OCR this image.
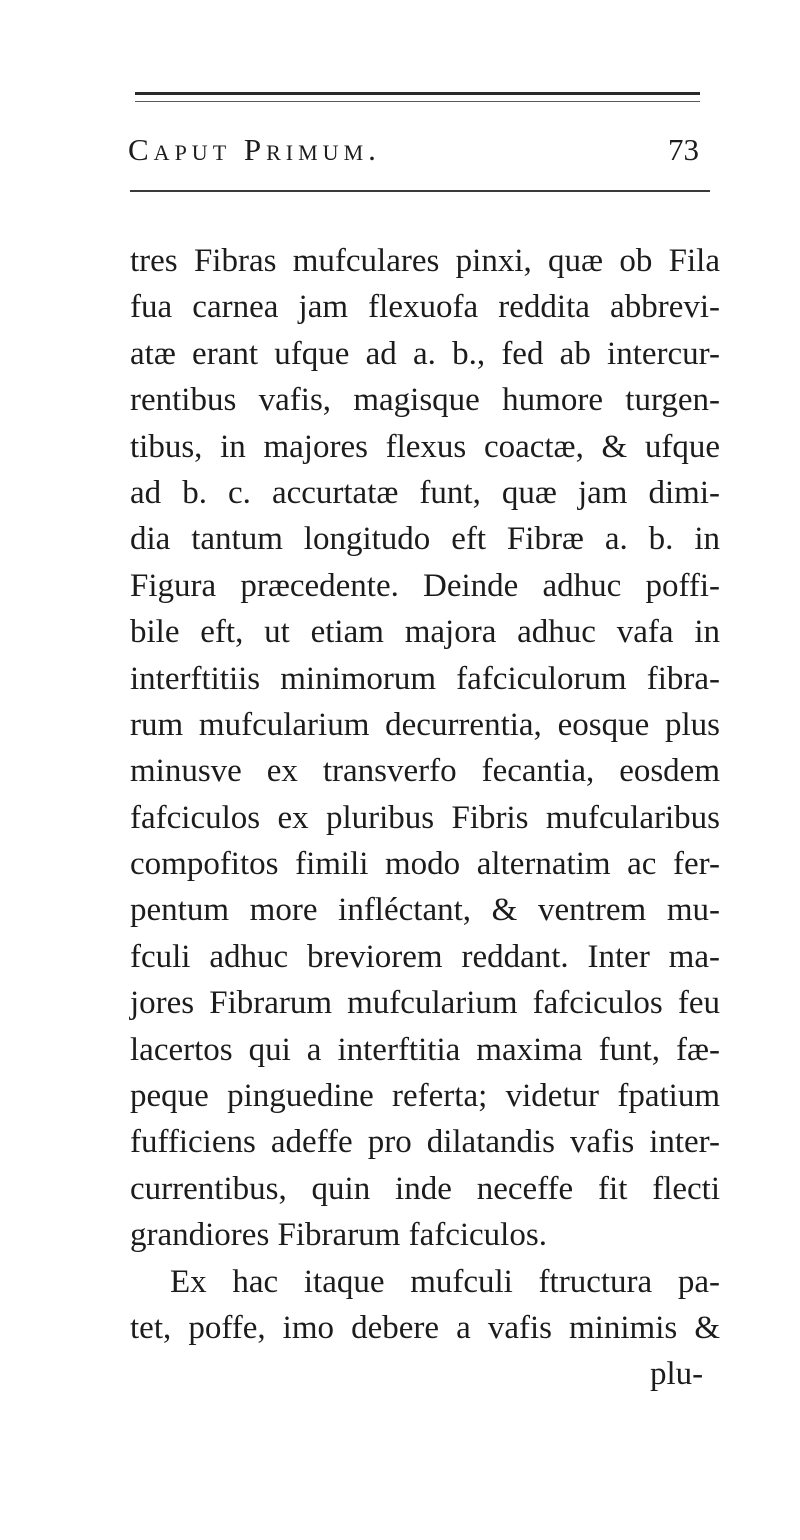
Caput Primum.	73
tres Fibras mufculares pinxi, quæ ob Fila
fua carnea jam flexuofa reddita abbrevi-
atæ erant ufque ad a. b., fed ab intercur-
rentibus vafis, magisque humore turgen-
tibus, in majores flexus coactæ, & ufque
ad b. c. accurtatæ funt, quæ jam dimi-
dia tantum longitudo eft Fibræ a. b. in
Figura præcedente. Deinde adhuc poffi-
bile eft, ut etiam majora adhuc vafa in
interftitiis minimorum fafciculorum fibra-
rum mufcularium decurrentia, eosque plus
minusve ex transverfo fecantia, eosdem
fafciculos ex pluribus Fibris mufcularibus
compofitos fimili modo alternatim ac fer-
pentum more infléctant, & ventrem mu-
fculi adhuc breviorem reddant. Inter ma-
jores Fibrarum mufcularium fafciculos feu
lacertos qui a interftitia maxima funt, fæ-
peque pinguedine referta; videtur fpatium
fufficiens adeffe pro dilatandis vafis inter-
currentibus, quin inde neceffe fit flecti
grandiores Fibrarum fafciculos.
Ex hac itaque mufculi ftructura pa-
tet, poffe, imo debere a vafis minimis &
plu-
